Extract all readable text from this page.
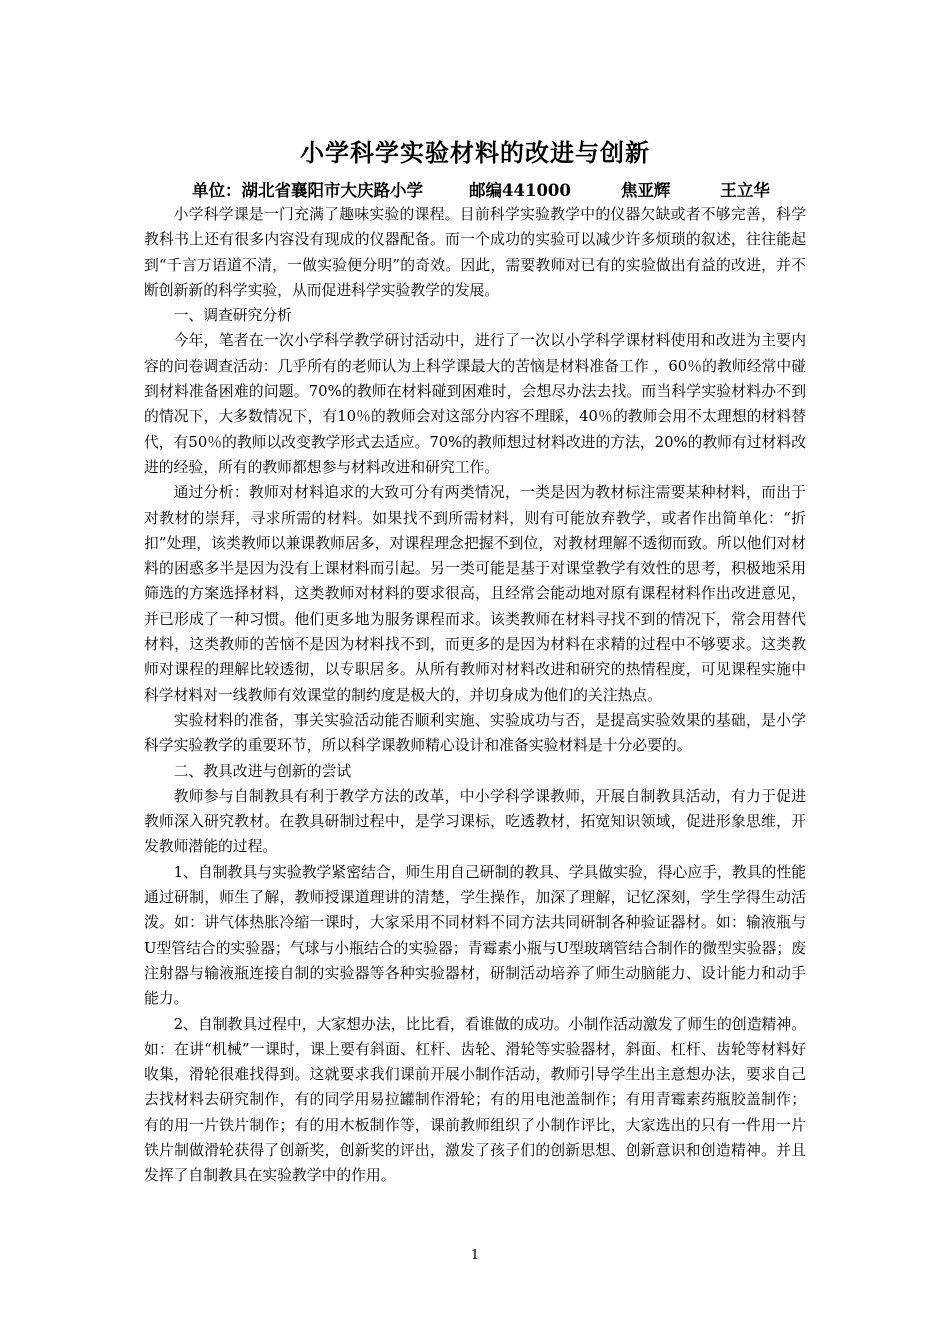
小学科学实验材料的改进与创新
单位：湖北省襄阳市大庆路小学	邮编441000	焦亚辉	王立华

小学科学课是一门充满了趣味实验的课程。目前科学实验教学中的仪器欠缺或者不够完善，科学教科书上还有很多内容没有现成的仪器配备。而一个成功的实验可以减少许多烦琐的叙述，往往能起到“千言万语道不清，一做实验便分明”的奇效。因此，需要教师对已有的实验做出有益的改进，并不断创新新的科学实验，从而促进科学实验教学的发展。

一、调查研究分析

今年，笔者在一次小学科学教学研讨活动中，进行了一次以小学科学课材料使用和改进为主要内容的问卷调查活动：几乎所有的老师认为上科学课最大的苦恼是材料准备工作 ，60％的教师经常中碰到材料准备困难的问题。70%的教师在材料碰到困难时，会想尽办法去找。而当科学实验材料办不到的情况下，大多数情况下，有10％的教师会对这部分内容不理睬，40％的教师会用不太理想的材料替代，有50％的教师以改变教学形式去适应。70%的教师想过材料改进的方法，20%的教师有过材料改进的经验，所有的教师都想参与材料改进和研究工作。

通过分析：教师对材料追求的大致可分有两类情况，一类是因为教材标注需要某种材料，而出于对教材的崇拜，寻求所需的材料。如果找不到所需材料，则有可能放弃教学，或者作出简单化：“折扣”处理，该类教师以兼课教师居多，对课程理念把握不到位，对教材理解不透彻而致。所以他们对材料的困惑多半是因为没有上课材料而引起。另一类可能是基于对课堂教学有效性的思考，积极地采用筛选的方案选择材料，这类教师对材料的要求很高，且经常会能动地对原有课程材料作出改进意见，并已形成了一种习惯。他们更多地为服务课程而求。该类教师在材料寻找不到的情况下，常会用替代材料，这类教师的苦恼不是因为材料找不到，而更多的是因为材料在求精的过程中不够要求。这类教师对课程的理解比较透彻，以专职居多。从所有教师对材料改进和研究的热情程度，可见课程实施中科学材料对一线教师有效课堂的制约度是极大的，并切身成为他们的关注热点。

实验材料的准备，事关实验活动能否顺利实施、实验成功与否，是提高实验效果的基础，是小学科学实验教学的重要环节，所以科学课教师精心设计和准备实验材料是十分必要的。

二、教具改进与创新的尝试

教师参与自制教具有利于教学方法的改革，中小学科学课教师，开展自制教具活动，有力于促进教师深入研究教材。在教具研制过程中，是学习课标，吃透教材，拓宽知识领域，促进形象思维，开发教师潜能的过程。

1、自制教具与实验教学紧密结合，师生用自己研制的教具、学具做实验，得心应手，教具的性能通过研制，师生了解，教师授课道理讲的清楚，学生操作，加深了理解，记忆深刻，学生学得生动活泼。如：讲气体热胀冷缩一课时，大家采用不同材料不同方法共同研制各种验证器材。如：输液瓶与U型管结合的实验器；气球与小瓶结合的实验器；青霉素小瓶与U型玻璃管结合制作的微型实验器；废注射器与输液瓶连接自制的实验器等各种实验器材，研制活动培养了师生动脑能力、设计能力和动手能力。

2、自制教具过程中，大家想办法，比比看，看谁做的成功。小制作活动激发了师生的创造精神。如：在讲“机械”一课时，课上要有斜面、杠杆、齿轮、滑轮等实验器材，斜面、杠杆、齿轮等材料好收集，滑轮很难找得到。这就要求我们课前开展小制作活动，教师引导学生出主意想办法，要求自己去找材料去研究制作，有的同学用易拉罐制作滑轮；有的用电池盖制作；有用青霉素药瓶胶盖制作；有的用一片铁片制作；有的用木板制作等，课前教师组织了小制作评比，大家选出的只有一件用一片铁片制做滑轮获得了创新奖，创新奖的评出，激发了孩子们的创新思想、创新意识和创造精神。并且发挥了自制教具在实验教学中的作用。

1
